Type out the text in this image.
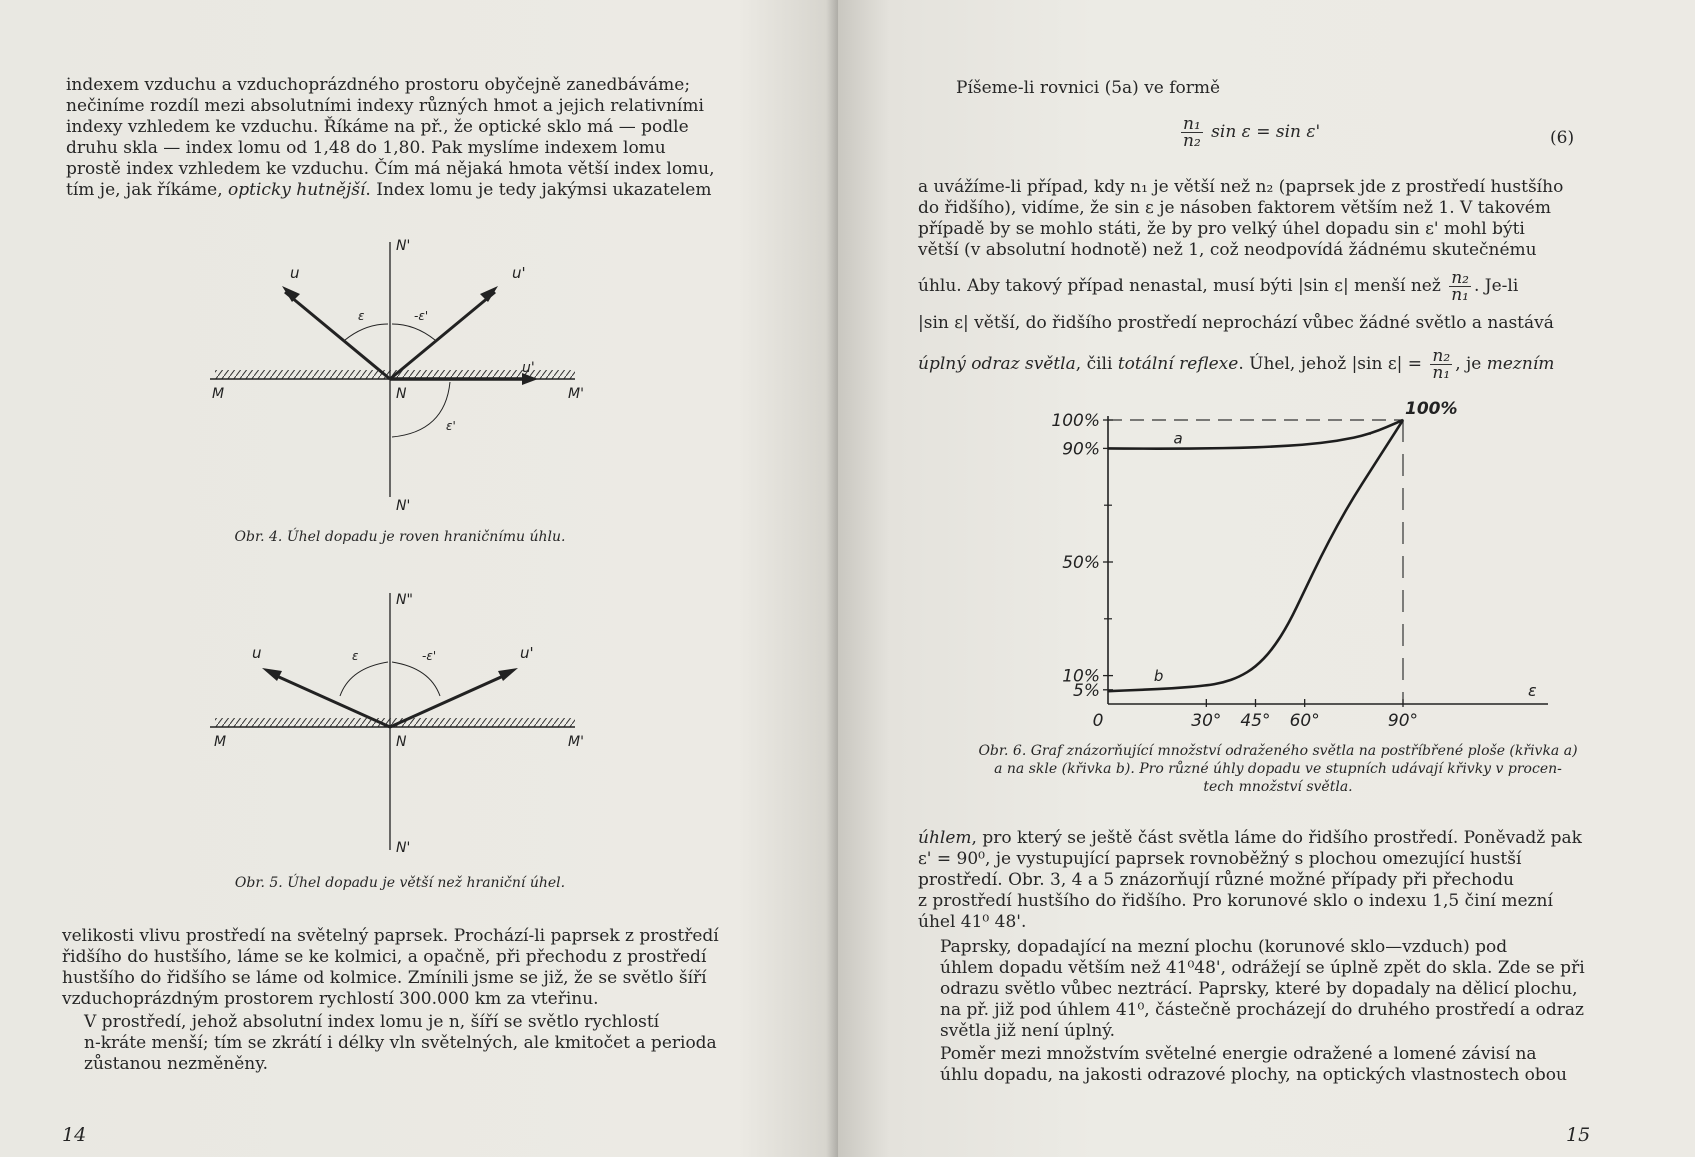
indexem vzduchu a vzduchoprázdného prostoru obyčejně zanedbáváme;
nečiníme rozdíl mezi absolutními indexy různých hmot a jejich relativními
indexy vzhledem ke vzduchu. Říkáme na př., že optické sklo má — podle
druhu skla — index lomu od 1,48 do 1,80. Pak myslíme indexem lomu
prostě index vzhledem ke vzduchu. Čím má nějaká hmota větší index lomu,
tím je, jak říkáme, opticky hutnější. Index lomu je tedy jakýmsi ukazatelem

N'
u	u'
u'
ε	-ε'
ε'
M	N	M'
N'

Obr. 4. Úhel dopadu je roven hraničnímu úhlu.

N"
u	u'
ε	-ε'
M	N	M'
N'

Obr. 5. Úhel dopadu je větší než hraniční úhel.

velikosti vlivu prostředí na světelný paprsek. Prochází-li paprsek z prostředí
řidšího do hustšího, láme se ke kolmici, a opačně, při přechodu z prostředí
hustšího do řidšího se láme od kolmice. Zmínili jsme se již, že se světlo šíří
vzduchoprázdným prostorem rychlostí 300.000 km za vteřinu.

V prostředí, jehož absolutní index lomu je n, šíří se světlo rychlostí
n-kráte menší; tím se zkrátí i délky vln světelných, ale kmitočet a perioda
zůstanou nezměněny.

14

Píšeme-li rovnici (5a) ve formě

$\frac{\text{n₁}}{\text{n₂}}$ sin ε = sin ε'	(6)

a uvážíme-li případ, kdy n₁ je větší než n₂ (paprsek jde z prostředí hustšího
do řidšího), vidíme, že sin ε je násoben faktorem větším než 1. V takovém
případě by se mohlo státi, že by pro velký úhel dopadu sin ε' mohl býti
větší (v absolutní hodnotě) než 1, což neodpovídá žádnému skutečnému

úhlu. Aby takový případ nenastal, musí býti |sin ε| menší než $\frac{\text{n₂}}{\text{n₁}}$ . Je-li

|sin ε| větší, do řidšího prostředí neprochází vůbec žádné světlo a nastává

úplný odraz světla, čili totální reflexe. Úhel, jehož |sin $\varepsilon| = \frac{\text{n₂}}{\text{n₁}}$ , je mezním
5%
10%
50%
90%
100%
0	30° 45° 60°	90°
ε
100%
a
b

Obr. 6. Graf znázorňující množství odraženého světla na postříbřené ploše (křivka a)
a na skle (křivka b). Pro různé úhly dopadu ve stupních udávají křivky v procen-
tech množství světla.

úhlem, pro který se ještě část světla láme do řidšího prostředí. Poněvadž pak
ε' = 90⁰, je vystupující paprsek rovnoběžný s plochou omezující hustší
prostředí. Obr. 3, 4 a 5 znázorňují různé možné případy při přechodu
z prostředí hustšího do řidšího. Pro korunové sklo o indexu 1,5 činí mezní
úhel 41⁰ 48'.

Paprsky, dopadající na mezní plochu (korunové sklo—vzduch) pod
úhlem dopadu větším než 41⁰48', odrážejí se úplně zpět do skla. Zde se při
odrazu světlo vůbec neztrácí. Paprsky, které by dopadaly na dělicí plochu,
na př. již pod úhlem 41⁰, částečně procházejí do druhého prostředí a odraz
světla již není úplný.

Poměr mezi množstvím světelné energie odražené a lomené závisí na
úhlu dopadu, na jakosti odrazové plochy, na optických vlastnostech obou

15
